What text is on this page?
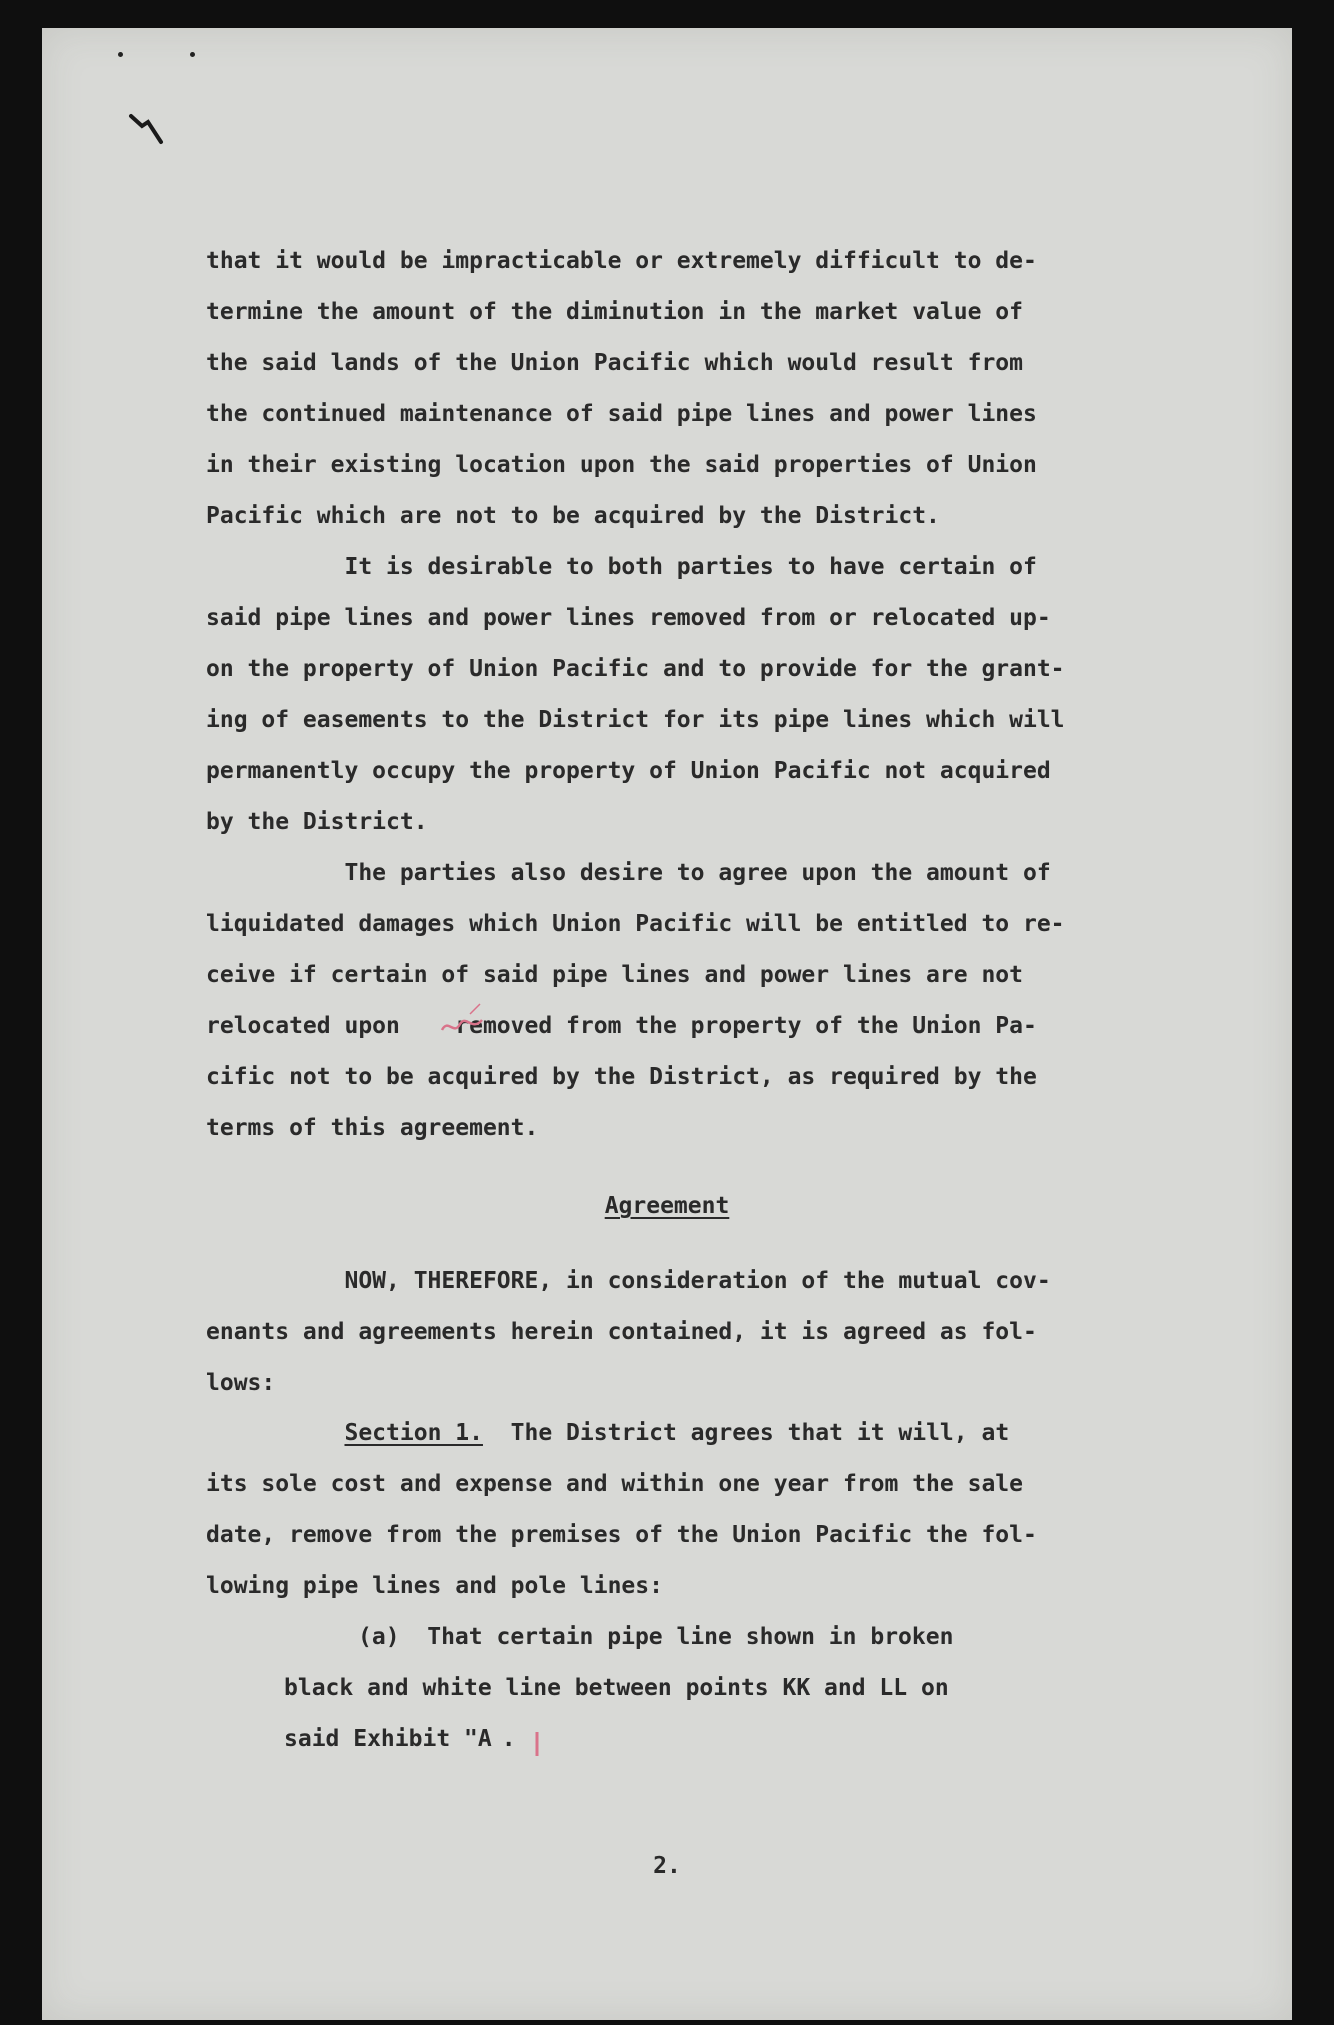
that it would be impracticable or extremely difficult to de-

termine the amount of the diminution in the market value of

the said lands of the Union Pacific which would result from

the continued maintenance of said pipe lines and power lines

in their existing location upon the said properties of Union

Pacific which are not to be acquired by the District.

It is desirable to both parties to have certain of

said pipe lines and power lines removed from or relocated up-

on the property of Union Pacific and to provide for the grant-

ing of easements to the District for its pipe lines which will

permanently occupy the property of Union Pacific not acquired

by the District.

The parties also desire to agree upon the amount of

liquidated damages which Union Pacific will be entitled to re-

ceive if certain of said pipe lines and power lines are not

relocated upon    removed from the property of the Union Pa-

cific not to be acquired by the District, as required by the

terms of this agreement.

NOW, THEREFORE, in consideration of the mutual cov-

enants and agreements herein contained, it is agreed as fol-

lows:

Section 1.  The District agrees that it will, at

its sole cost and expense and within one year from the sale

date, remove from the premises of the Union Pacific the fol-

lowing pipe lines and pole lines:

(a)  That certain pipe line shown in broken

black and white line between points KK and LL on

said Exhibit "A .

Agreement
2.
